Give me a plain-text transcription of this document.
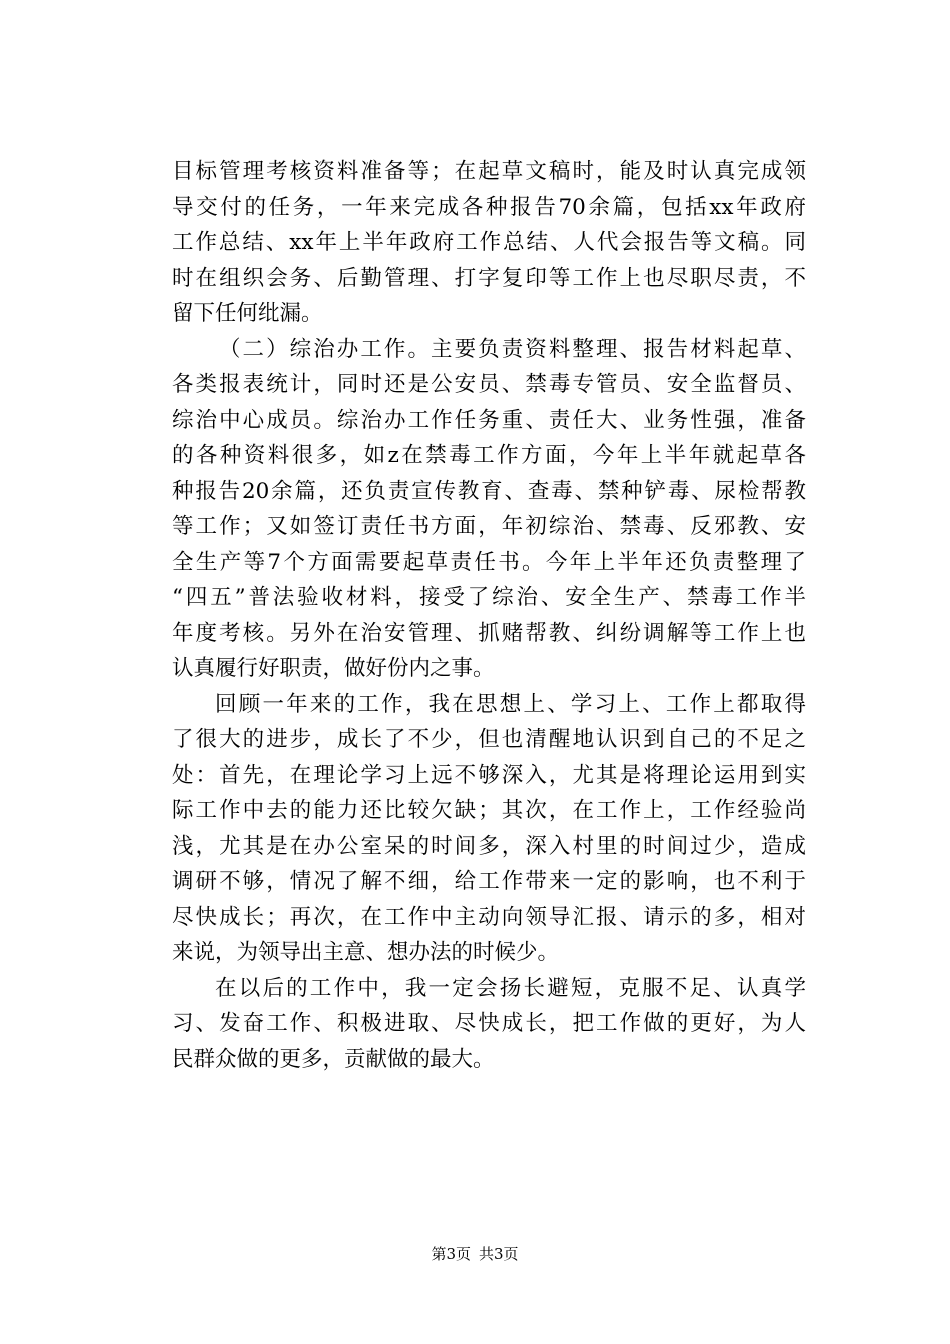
目标管理考核资料准备等；在起草文稿时，能及时认真完成领
导交付的任务，一年来完成各种报告70余篇，包括xx年政府
工作总结、xx年上半年政府工作总结、人代会报告等文稿。同
时在组织会务、后勤管理、打字复印等工作上也尽职尽责，不
留下任何纰漏。
（二）综治办工作。主要负责资料整理、报告材料起草、
各类报表统计，同时还是公安员、禁毒专管员、安全监督员、
综治中心成员。综治办工作任务重、责任大、业务性强，准备
的各种资料很多，如z在禁毒工作方面，今年上半年就起草各
种报告20余篇，还负责宣传教育、查毒、禁种铲毒、尿检帮教
等工作；又如签订责任书方面，年初综治、禁毒、反邪教、安
全生产等7个方面需要起草责任书。今年上半年还负责整理了
“四五”普法验收材料，接受了综治、安全生产、禁毒工作半
年度考核。另外在治安管理、抓赌帮教、纠纷调解等工作上也
认真履行好职责，做好份内之事。
回顾一年来的工作，我在思想上、学习上、工作上都取得
了很大的进步，成长了不少，但也清醒地认识到自己的不足之
处：首先，在理论学习上远不够深入，尤其是将理论运用到实
际工作中去的能力还比较欠缺；其次，在工作上，工作经验尚
浅，尤其是在办公室呆的时间多，深入村里的时间过少，造成
调研不够，情况了解不细，给工作带来一定的影响，也不利于
尽快成长；再次，在工作中主动向领导汇报、请示的多，相对
来说，为领导出主意、想办法的时候少。
在以后的工作中，我一定会扬长避短，克服不足、认真学
习、发奋工作、积极进取、尽快成长，把工作做的更好，为人
民群众做的更多，贡献做的最大。
第3页 共3页
